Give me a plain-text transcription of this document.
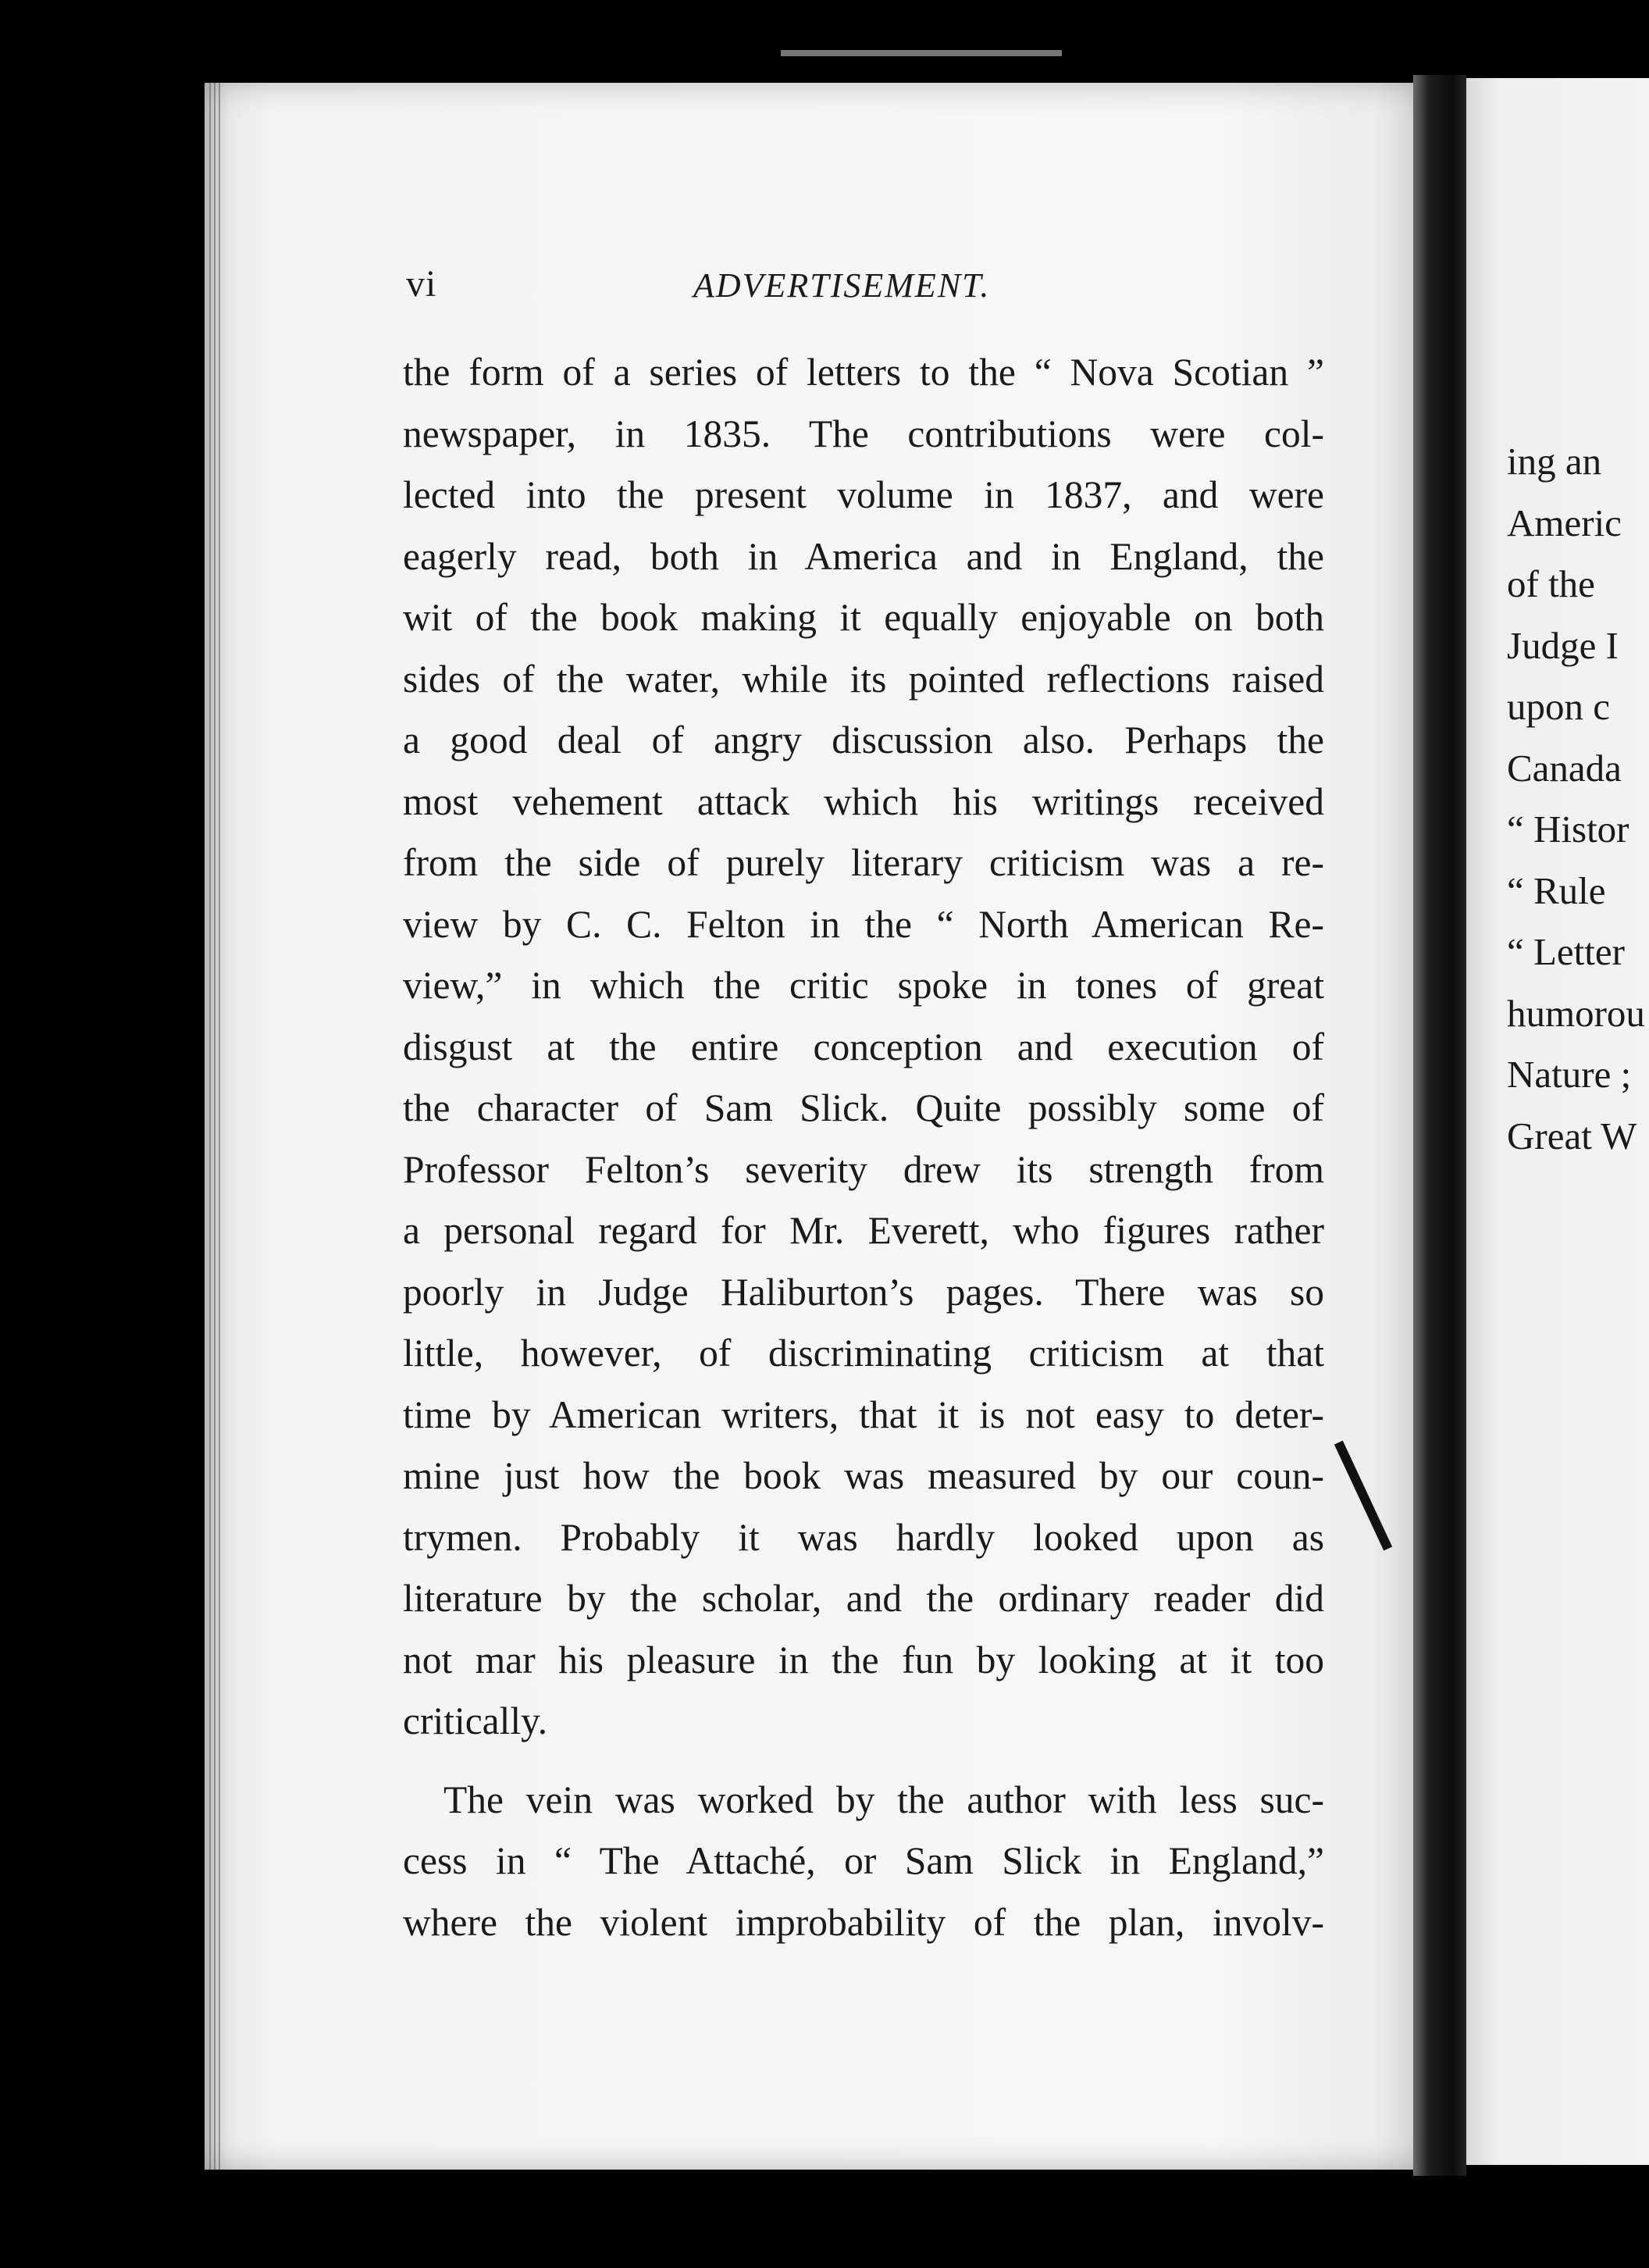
ing an
Americ
of the
Judge I
upon c
Canada
“ Histor
“ Rule
“ Letter
humorou
Nature ;
Great W
vi	ADVERTISEMENT.
the form of a series of letters to the “ Nova Scotian ”
newspaper, in 1835. The contributions were col-
lected into the present volume in 1837, and were
eagerly read, both in America and in England, the
wit of the book making it equally enjoyable on both
sides of the water, while its pointed reflections raised
a good deal of angry discussion also. Perhaps the
most vehement attack which his writings received
from the side of purely literary criticism was a re-
view by C. C. Felton in the “ North American Re-
view,” in which the critic spoke in tones of great
disgust at the entire conception and execution of
the character of Sam Slick. Quite possibly some of
Professor Felton’s severity drew its strength from
a personal regard for Mr. Everett, who figures rather
poorly in Judge Haliburton’s pages. There was so
little, however, of discriminating criticism at that
time by American writers, that it is not easy to deter-
mine just how the book was measured by our coun-
trymen. Probably it was hardly looked upon as
literature by the scholar, and the ordinary reader did
not mar his pleasure in the fun by looking at it too
critically.
The vein was worked by the author with less suc-
cess in “ The Attaché, or Sam Slick in England,”
where the violent improbability of the plan, involv-
